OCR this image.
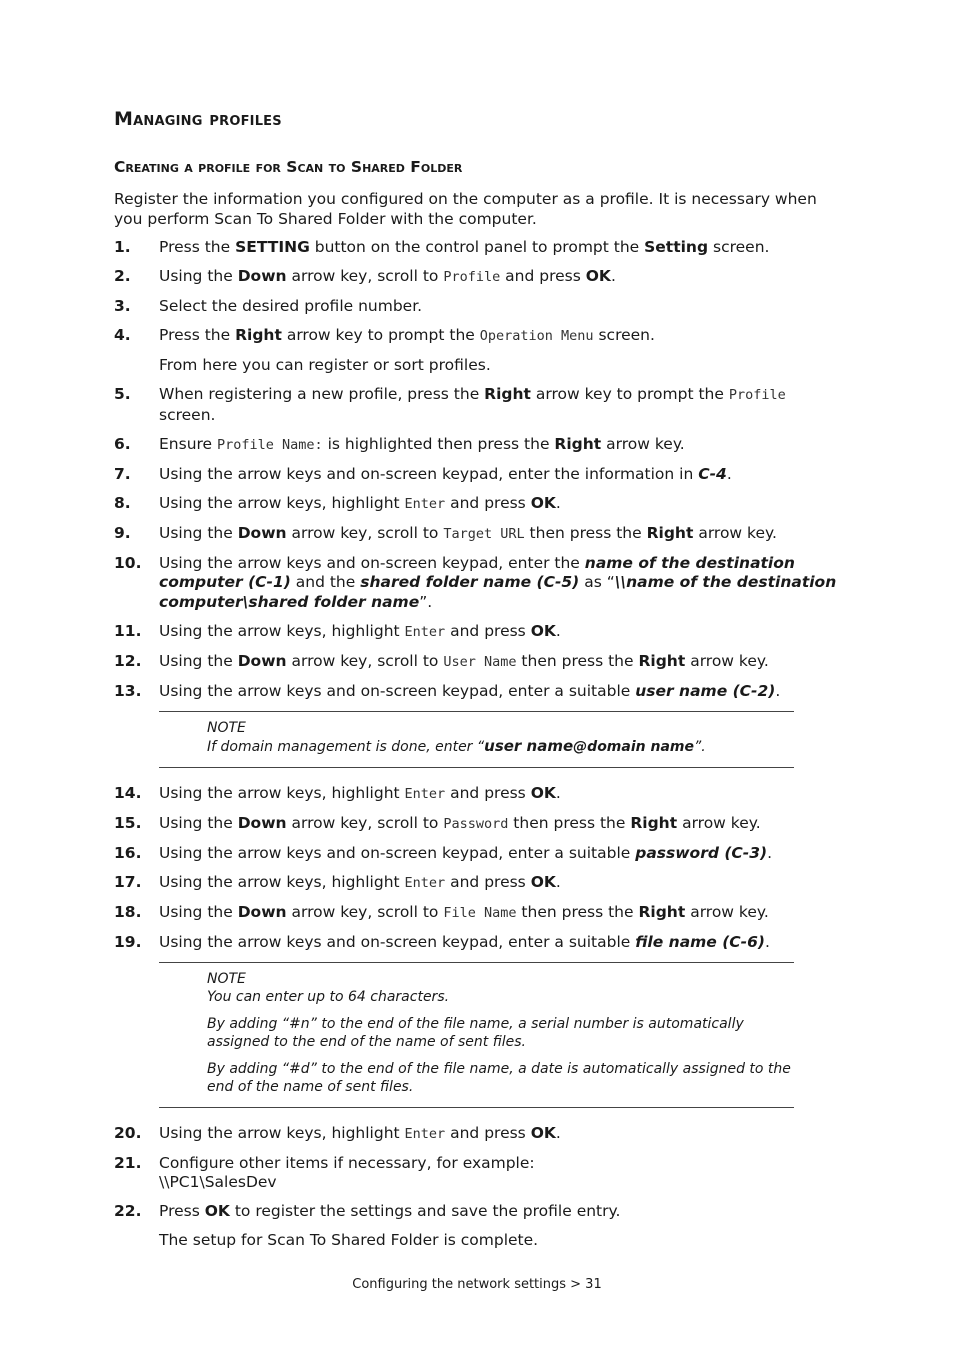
Managing profiles
Creating a profile for Scan to Shared Folder

Register the information you configured on the computer as a profile. It is necessary when you perform Scan To Shared Folder with the computer.

1.	Press the SETTING button on the control panel to prompt the Setting screen.
2.	Using the Down arrow key, scroll to Profile and press OK.
3.	Select the desired profile number.
4.	Press the Right arrow key to prompt the Operation Menu screen.
From here you can register or sort profiles.
5.	When registering a new profile, press the Right arrow key to prompt the Profile
screen.
6.	Ensure Profile Name: is highlighted then press the Right arrow key.
7.	Using the arrow keys and on-screen keypad, enter the information in C-4.
8.	Using the arrow keys, highlight Enter and press OK.
9.	Using the Down arrow key, scroll to Target URL then press the Right arrow key.
10.	Using the arrow keys and on-screen keypad, enter the name of the destination computer (C-1) and the shared folder name (C-5) as “\\name of the destination computer\shared folder name”.
11.	Using the arrow keys, highlight Enter and press OK.
12.	Using the Down arrow key, scroll to User Name then press the Right arrow key.
13.	Using the arrow keys and on-screen keypad, enter a suitable user name (C-2).

NOTE

If domain management is done, enter “user name@domain name”.

14.	Using the arrow keys, highlight Enter and press OK.
15.	Using the Down arrow key, scroll to Password then press the Right arrow key.
16.	Using the arrow keys and on-screen keypad, enter a suitable password (C-3).
17.	Using the arrow keys, highlight Enter and press OK.
18.	Using the Down arrow key, scroll to File Name then press the Right arrow key.
19.	Using the arrow keys and on-screen keypad, enter a suitable file name (C-6).

NOTE

You can enter up to 64 characters.

By adding “#n” to the end of the file name, a serial number is automatically assigned to the end of the name of sent files.

By adding “#d” to the end of the file name, a date is automatically assigned to the end of the name of sent files.

20.	Using the arrow keys, highlight Enter and press OK.
21.	Configure other items if necessary, for example:
\\PC1\SalesDev
22.	Press OK to register the settings and save the profile entry.
The setup for Scan To Shared Folder is complete.
Configuring the network settings > 31
